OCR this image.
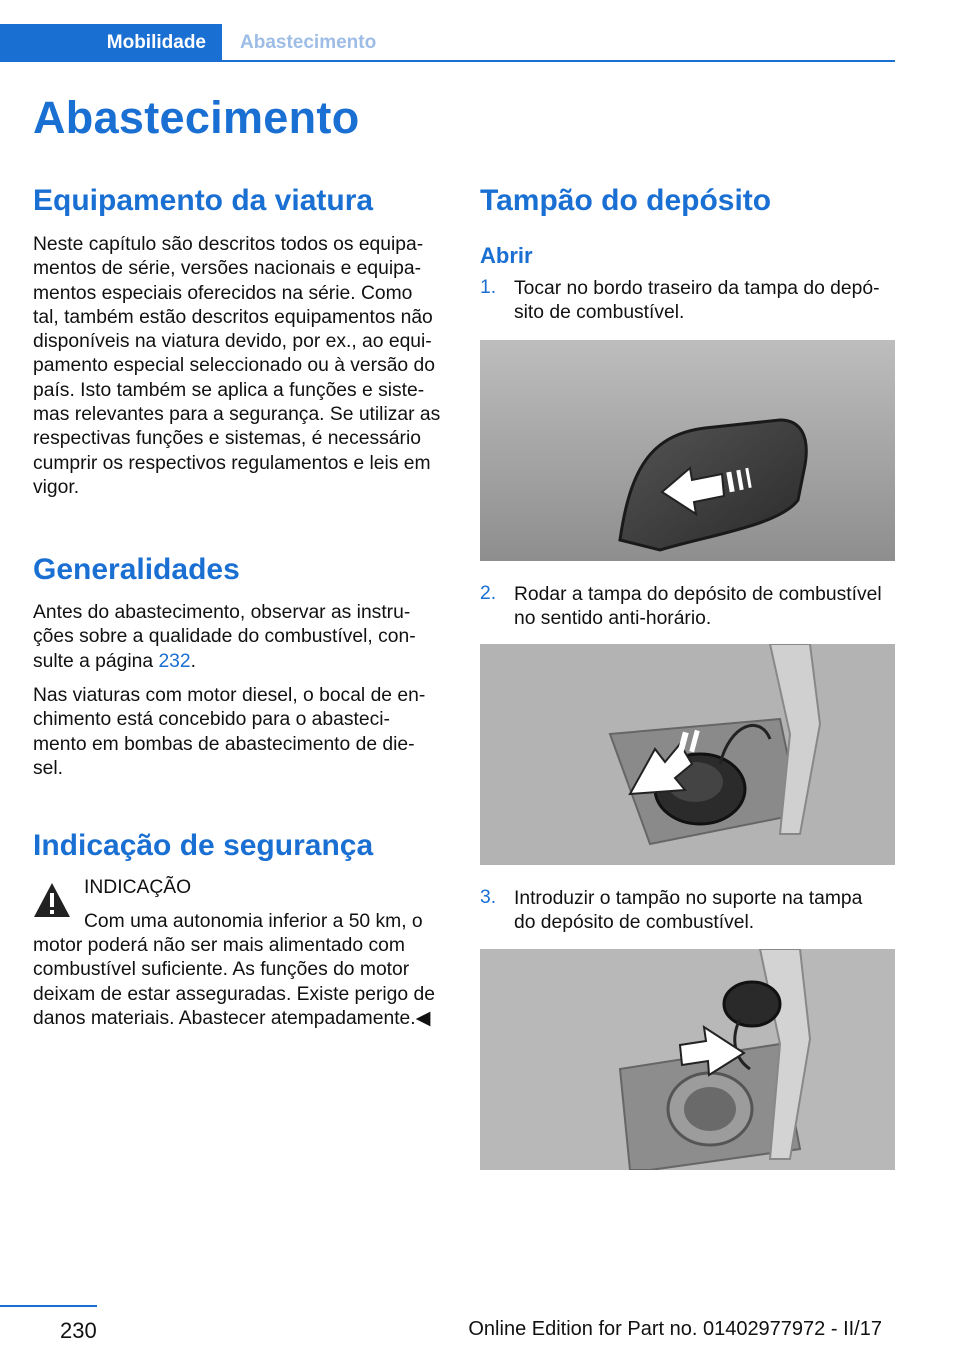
Mobilidade	Abastecimento
Abastecimento
Equipamento da viatura
Neste capítulo são descritos todos os equipa-
mentos de série, versões nacionais e equipa-
mentos especiais oferecidos na série. Como
tal, também estão descritos equipamentos não
disponíveis na viatura devido, por ex., ao equi-
pamento especial seleccionado ou à versão do
país. Isto também se aplica a funções e siste-
mas relevantes para a segurança. Se utilizar as
respectivas funções e sistemas, é necessário
cumprir os respectivos regulamentos e leis em
vigor.
Generalidades
Antes do abastecimento, observar as instru-
ções sobre a qualidade do combustível, con-
sulte a página 232.
Nas viaturas com motor diesel, o bocal de en-
chimento está concebido para o abasteci-
mento em bombas de abastecimento de die-
sel.
Indicação de segurança
INDICAÇÃO
Com uma autonomia inferior a 50 km, o
motor poderá não ser mais alimentado com
combustível suficiente. As funções do motor
deixam de estar asseguradas. Existe perigo de
danos materiais. Abastecer atempadamente.◀
Tampão do depósito
Abrir
1. Tocar no bordo traseiro da tampa do depó-
sito de combustível.
2. Rodar a tampa do depósito de combustível
no sentido anti-horário.
3. Introduzir o tampão no suporte na tampa
do depósito de combustível.
230	Online Edition for Part no. 01402977972 - II/17
